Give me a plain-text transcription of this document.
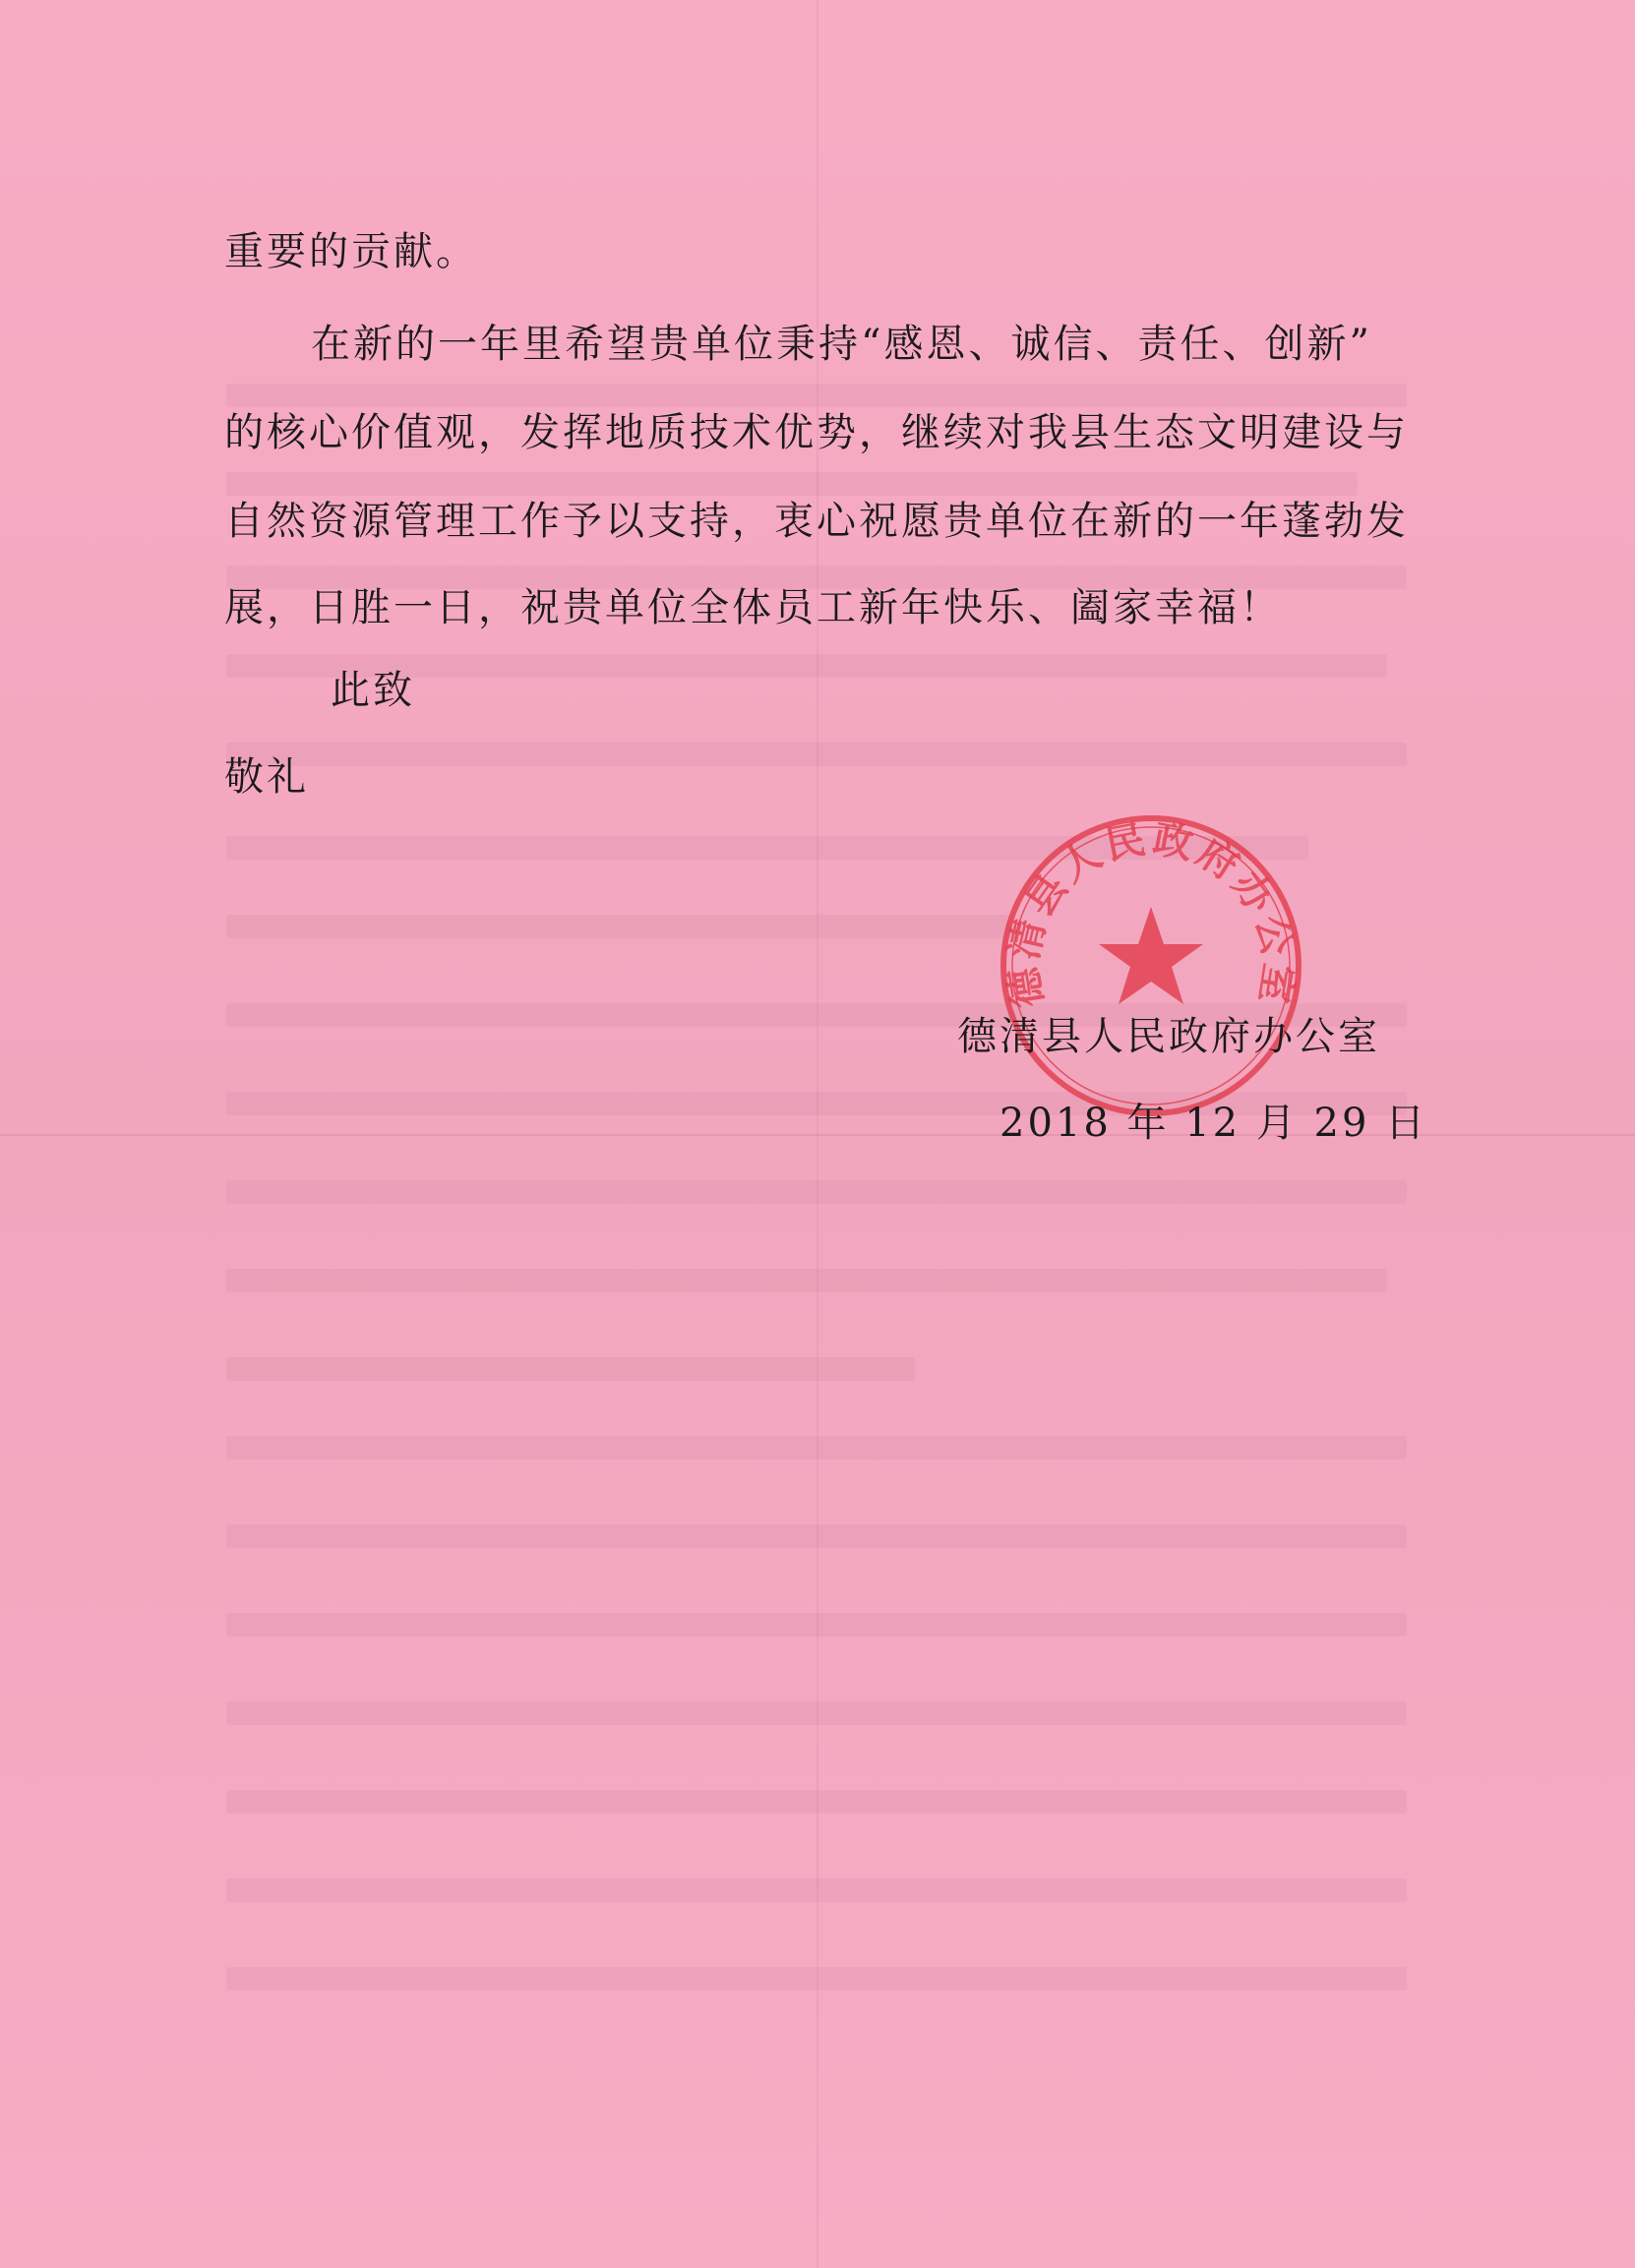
重要的贡献。
在新的一年里希望贵单位秉持“感恩、诚信、责任、创新”
的核心价值观，发挥地质技术优势，继续对我县生态文明建设与
自然资源管理工作予以支持，衷心祝愿贵单位在新的一年蓬勃发
展，日胜一日，祝贵单位全体员工新年快乐、阖家幸福！
此致
敬礼
德清县人民政府办公室
德清县人民政府办公室
2018 年 12 月 29 日
